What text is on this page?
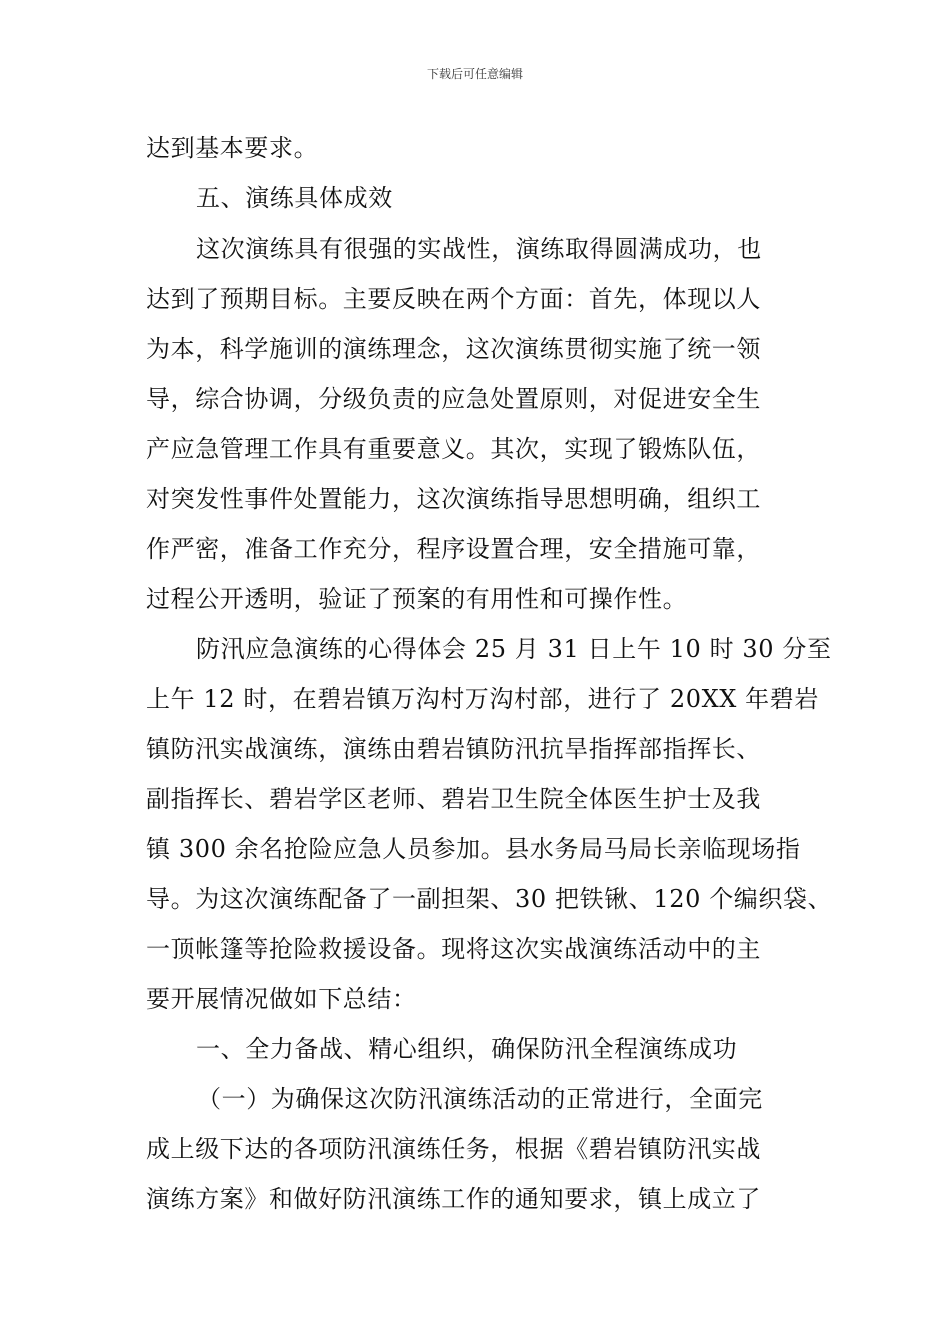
下载后可任意编辑
达到基本要求。
五、演练具体成效
这次演练具有很强的实战性，演练取得圆满成功，也
达到了预期目标。主要反映在两个方面：首先，体现以人
为本，科学施训的演练理念，这次演练贯彻实施了统一领
导，综合协调，分级负责的应急处置原则，对促进安全生
产应急管理工作具有重要意义。其次，实现了锻炼队伍，
对突发性事件处置能力，这次演练指导思想明确，组织工
作严密，准备工作充分，程序设置合理，安全措施可靠，
过程公开透明，验证了预案的有用性和可操作性。
防汛应急演练的心得体会 25 月 31 日上午 10 时 30 分至
上午 12 时，在碧岩镇万沟村万沟村部，进行了 20XX 年碧岩
镇防汛实战演练，演练由碧岩镇防汛抗旱指挥部指挥长、
副指挥长、碧岩学区老师、碧岩卫生院全体医生护士及我
镇 300 余名抢险应急人员参加。县水务局马局长亲临现场指
导。为这次演练配备了一副担架、30 把铁锹、120 个编织袋、
一顶帐篷等抢险救援设备。现将这次实战演练活动中的主
要开展情况做如下总结：
一、全力备战、精心组织，确保防汛全程演练成功
（一）为确保这次防汛演练活动的正常进行，全面完
成上级下达的各项防汛演练任务，根据《碧岩镇防汛实战
演练方案》和做好防汛演练工作的通知要求，镇上成立了
